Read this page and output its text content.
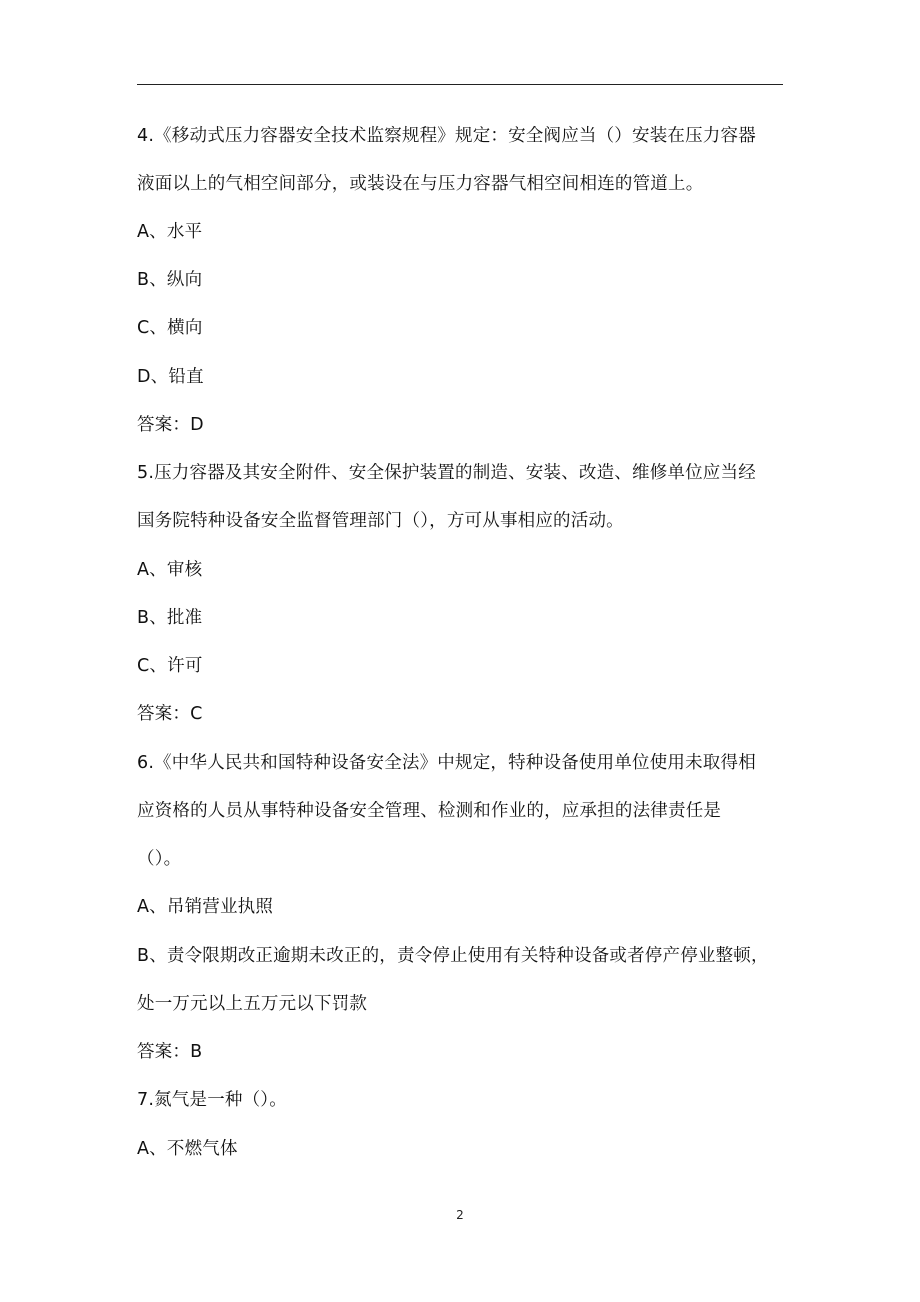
4.《移动式压力容器安全技术监察规程》规定：安全阀应当（）安装在压力容器
液面以上的气相空间部分，或装设在与压力容器气相空间相连的管道上。
A、水平
B、纵向
C、横向
D、铅直
答案：D
5.压力容器及其安全附件、安全保护装置的制造、安装、改造、维修单位应当经
国务院特种设备安全监督管理部门（），方可从事相应的活动。
A、审核
B、批准
C、许可
答案：C
6.《中华人民共和国特种设备安全法》中规定，特种设备使用单位使用未取得相
应资格的人员从事特种设备安全管理、检测和作业的，应承担的法律责任是
（）。
A、吊销营业执照
B、责令限期改正逾期未改正的，责令停止使用有关特种设备或者停产停业整顿，
处一万元以上五万元以下罚款
答案：B
7.氮气是一种（）。
A、不燃气体
2
